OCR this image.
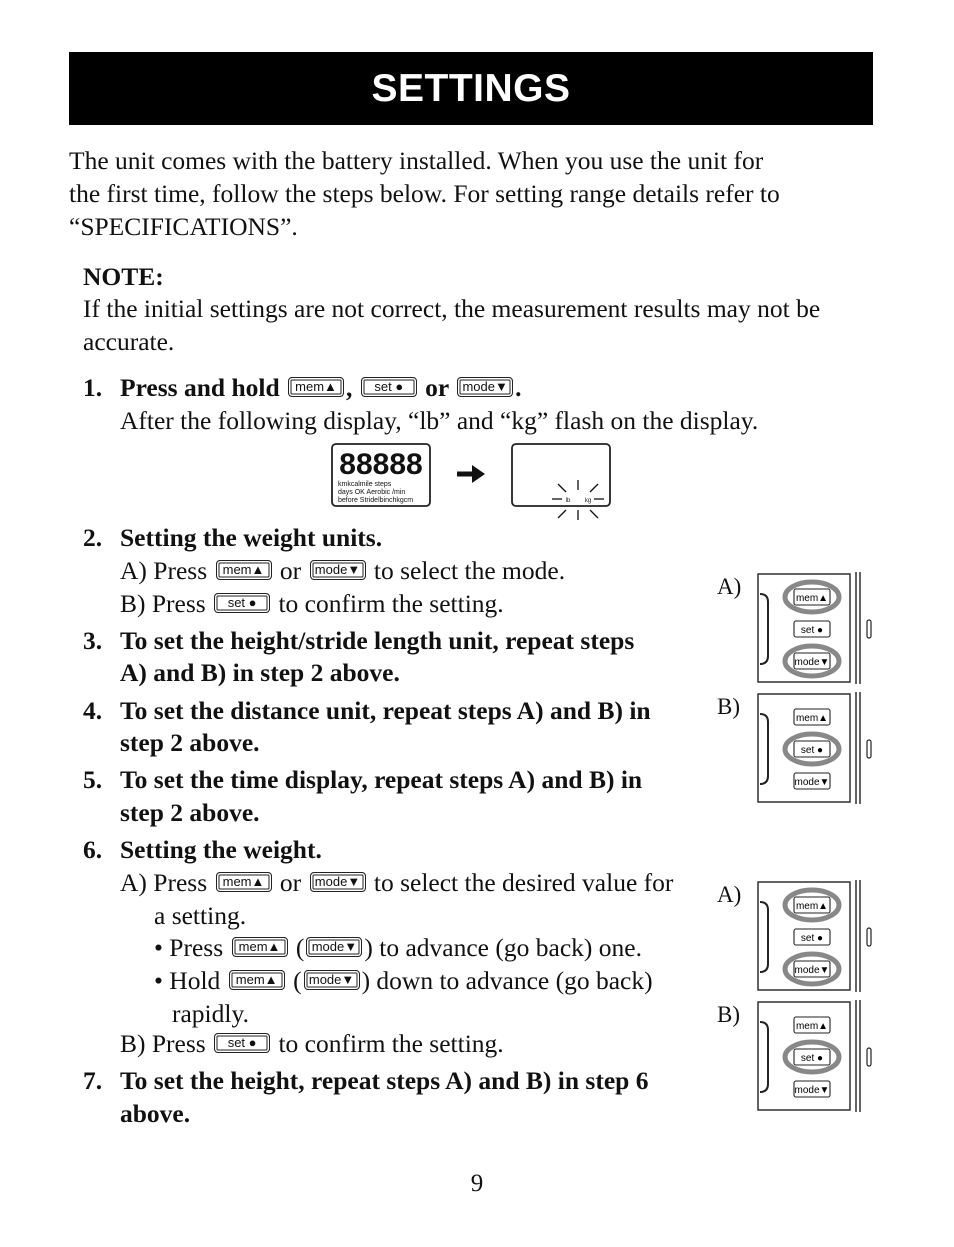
SETTINGS
The unit comes with the battery installed. When you use the unit for
the first time, follow the steps below. For setting range details refer to
“SPECIFICATIONS”.
NOTE:
If the initial settings are not correct, the measurement results may not be
accurate.
1. Press and hold mem▲ , set ● or mode▼ .
After the following display, “lb” and “kg” flash on the display.
88888
kmkcalmile steps
days OK Aerobic /min
before Stridelbinchkgcm	lb kg
2. Setting the weight units.
A) Press mem▲ or mode▼ to select the mode.
B) Press set ● to confirm the setting.
3. To set the height/stride length unit, repeat steps
A) and B) in step 2 above.
4. To set the distance unit, repeat steps A) and B) in
step 2 above.
5. To set the time display, repeat steps A) and B) in
step 2 above.
6. Setting the weight.
A) Press mem▲ or mode▼ to select the desired value for
a setting.
• Press mem▲ ( mode▼ ) to advance (go back) one.
• Hold mem▲ ( mode▼ ) down to advance (go back)
rapidly.
B) Press set ● to confirm the setting.
7. To set the height, repeat steps A) and B) in step 6
above.
A)
B)
A)
B)
mem▲
set ●
mode▼
mem▲
set ●
mode▼
mem▲
set ●
mode▼
mem▲
set ●
mode▼
9
